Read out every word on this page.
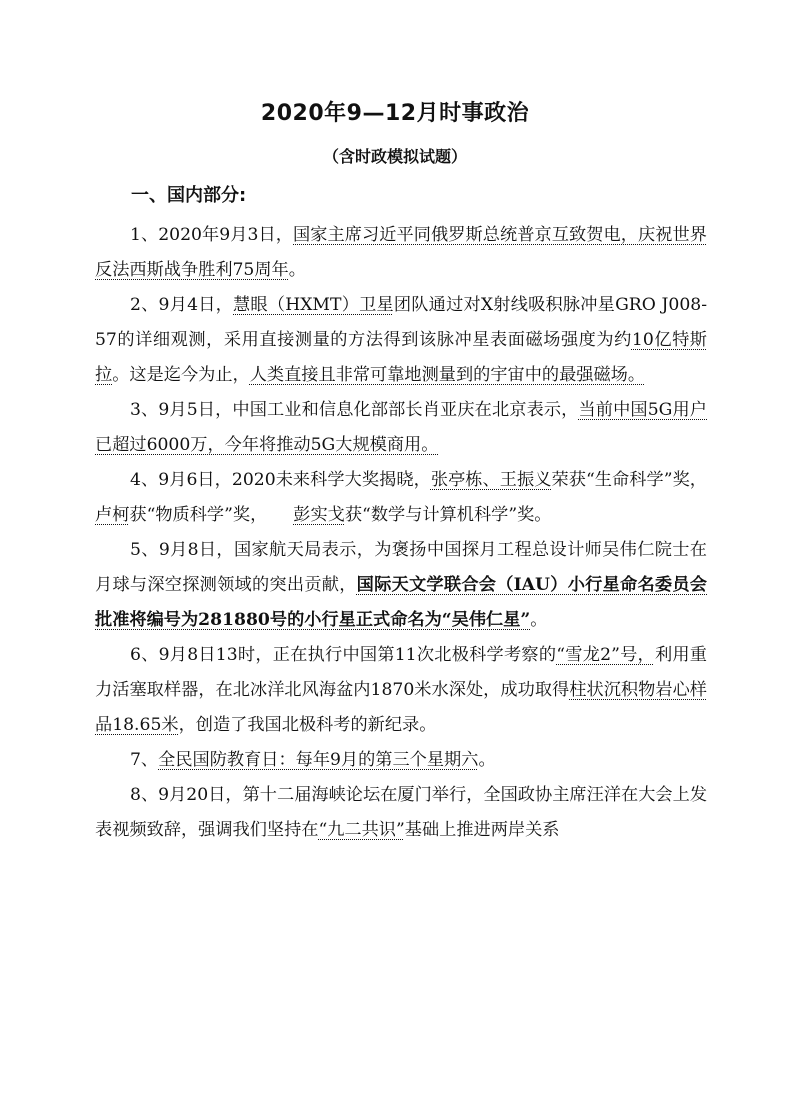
2020年9—12月时事政治
（含时政模拟试题）
一、国内部分:

1、2020年9月3日，国家主席习近平同俄罗斯总统普京互致贺电，庆祝世界反法西斯战争胜利75周年。

2、9月4日，慧眼（HXMT）卫星团队通过对X射线吸积脉冲星GRO J008-57的详细观测，采用直接测量的方法得到该脉冲星表面磁场强度为约10亿特斯拉。这是迄今为止，人类直接且非常可靠地测量到的宇宙中的最强磁场。

3、9月5日，中国工业和信息化部部长肖亚庆在北京表示，当前中国5G用户已超过6000万，今年将推动5G大规模商用。

4、9月6日，2020未来科学大奖揭晓，张亭栋、王振义荣获“生命科学”奖，卢柯获“物质科学”奖， 彭实戈获“数学与计算机科学”奖。

5、9月8日，国家航天局表示，为褒扬中国探月工程总设计师吴伟仁院士在月球与深空探测领域的突出贡献，国际天文学联合会（IAU）小行星命名委员会批准将编号为281880号的小行星正式命名为“吴伟仁星”。

6、9月8日13时，正在执行中国第11次北极科学考察的“雪龙2”号，利用重力活塞取样器，在北冰洋北风海盆内1870米水深处，成功取得柱状沉积物岩心样品18.65米，创造了我国北极科考的新纪录。

7、全民国防教育日：每年9月的第三个星期六。

8、9月20日，第十二届海峡论坛在厦门举行，全国政协主席汪洋在大会上发表视频致辞，强调我们坚持在“九二共识”基础上推进两岸关系
